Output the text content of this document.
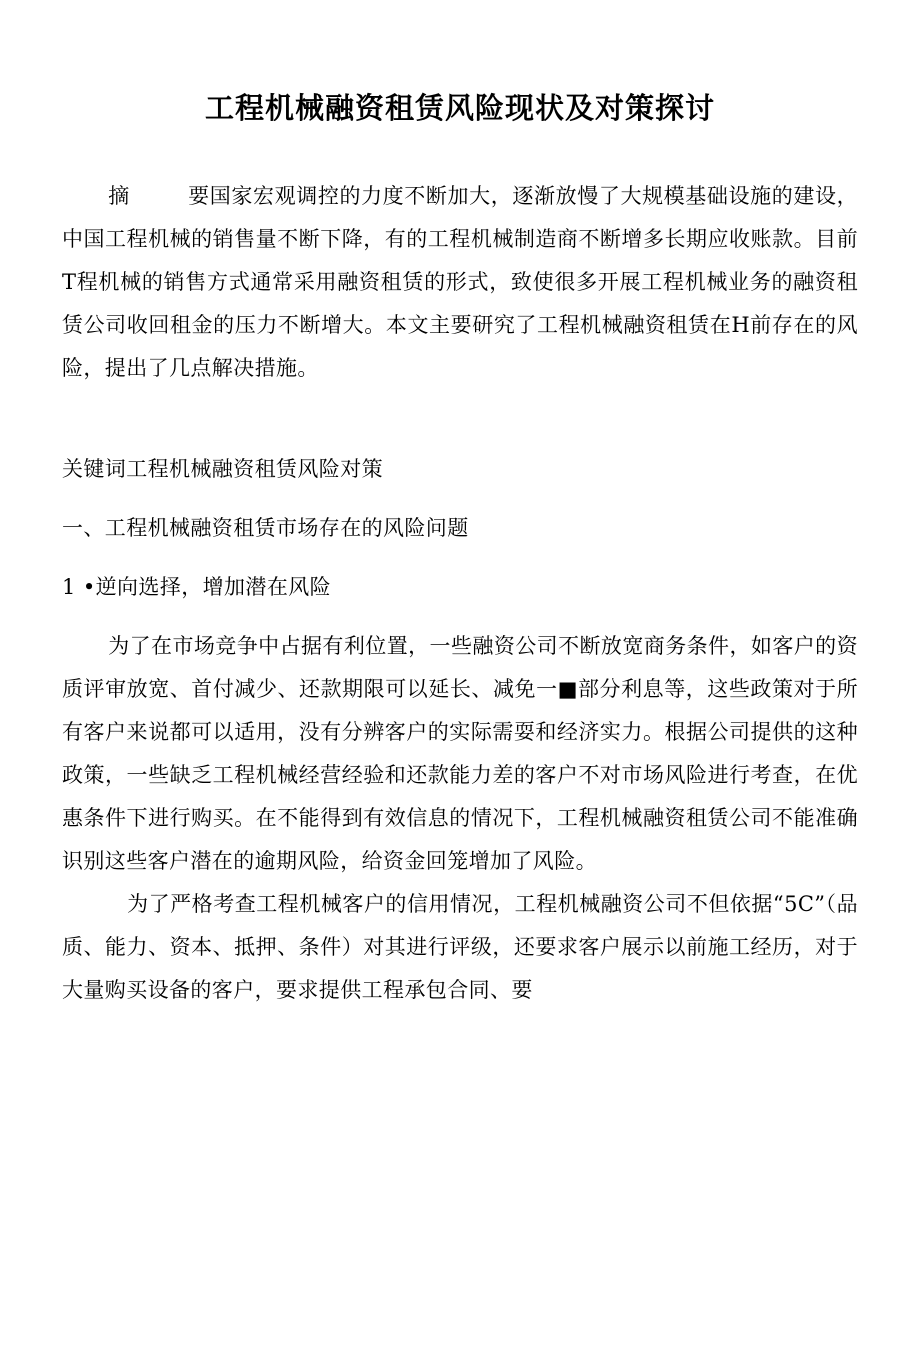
工程机械融资租赁风险现状及对策探讨

摘	要国家宏观调控的力度不断加大，逐渐放慢了大规模基础设施的建设，中国工程机械的销售量不断下降，有的工程机械制造商不断增多长期应收账款。目前T程机械的销售方式通常采用融资租赁的形式，致使很多开展工程机械业务的融资租赁公司收回租金的压力不断增大。本文主要研究了工程机械融资租赁在H前存在的风险，提出了几点解决措施。

关键词工程机械融资租赁风险对策

一、工程机械融资租赁市场存在的风险问题

1 •逆向选择，增加潜在风险

为了在市场竞争中占据有利位置，一些融资公司不断放宽商务条件，如客户的资质评审放宽、首付减少、还款期限可以延长、减免一■部分利息等，这些政策对于所有客户来说都可以适用，没有分辨客户的实际需耍和经济实力。根据公司提供的这种政策，一些缺乏工程机械经营经验和还款能力差的客户不对市场风险进行考查，在优惠条件下进行购买。在不能得到有效信息的情况下，工程机械融资租赁公司不能准确识别这些客户潜在的逾期风险，给资金回笼增加了风险。

为了严格考查工程机械客户的信用情况，工程机械融资公司不但依据“5C”（品质、能力、资本、抵押、条件）对其进行评级，还要求客户展示以前施工经历，对于大量购买设备的客户，要求提供工程承包合同、要
